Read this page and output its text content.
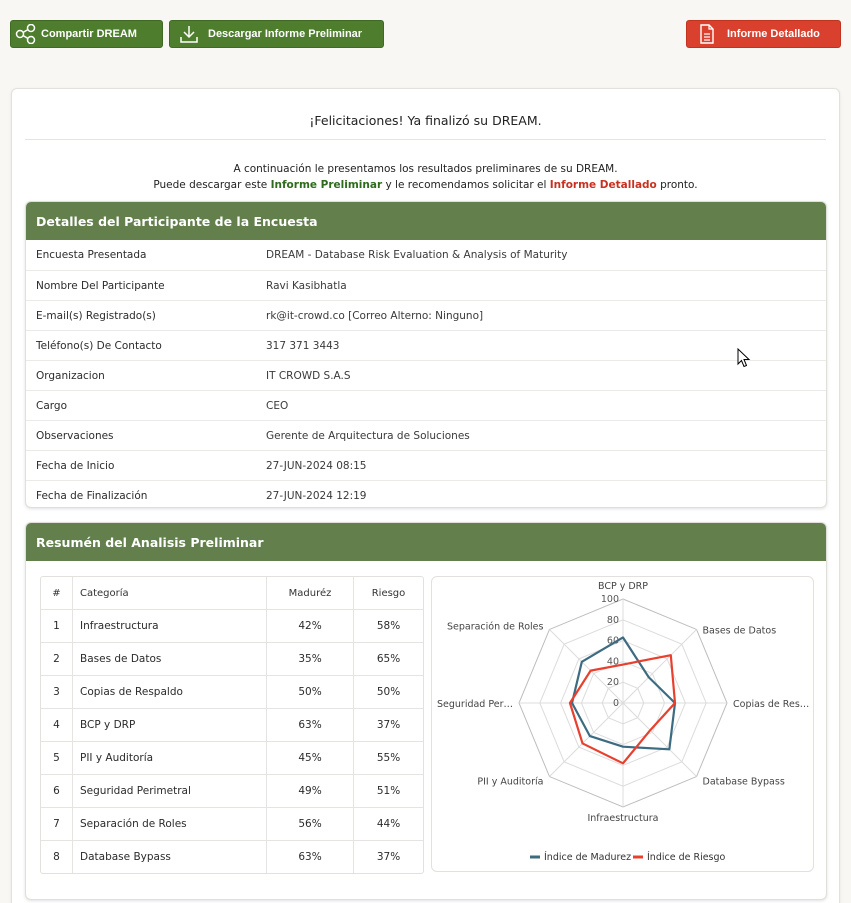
Compartir DREAM	Descargar Informe Preliminar	Informe Detallado
¡Felicitaciones! Ya finalizó su DREAM.
A continuación le presentamos los resultados preliminares de su DREAM.
Puede descargar este Informe Preliminar y le recomendamos solicitar el Informe Detallado pronto.
Detalles del Participante de la Encuesta
Encuesta Presentada	DREAM - Database Risk Evaluation & Analysis of Maturity
Nombre Del Participante	Ravi Kasibhatla
E-mail(s) Registrado(s)	rk@it-crowd.co [Correo Alterno: Ninguno]
Teléfono(s) De Contacto	317 371 3443
Organizacion	IT CROWD S.A.S
Cargo	CEO
Observaciones	Gerente de Arquitectura de Soluciones
Fecha de Inicio	27-JUN-2024 08:15
Fecha de Finalización	27-JUN-2024 12:19
Resumén del Analisis Preliminar
#	Categoría	Maduréz	Riesgo
1	Infraestructura	42%	58%
2	Bases de Datos	35%	65%
3	Copias de Respaldo	50%	50%
4	BCP y DRP	63%	37%
5	PII y Auditoría	45%	55%
6	Seguridad Perimetral	49%	51%
7	Separación de Roles	56%	44%
8	Database Bypass	63%	37%
0
20
40
60
80
100
BCP y DRP
Bases de Datos
Copias de Res…
Database Bypass
Infraestructura
PII y Auditoría
Seguridad Per…
Separación de Roles
Índice de Madurez Índice de Riesgo
